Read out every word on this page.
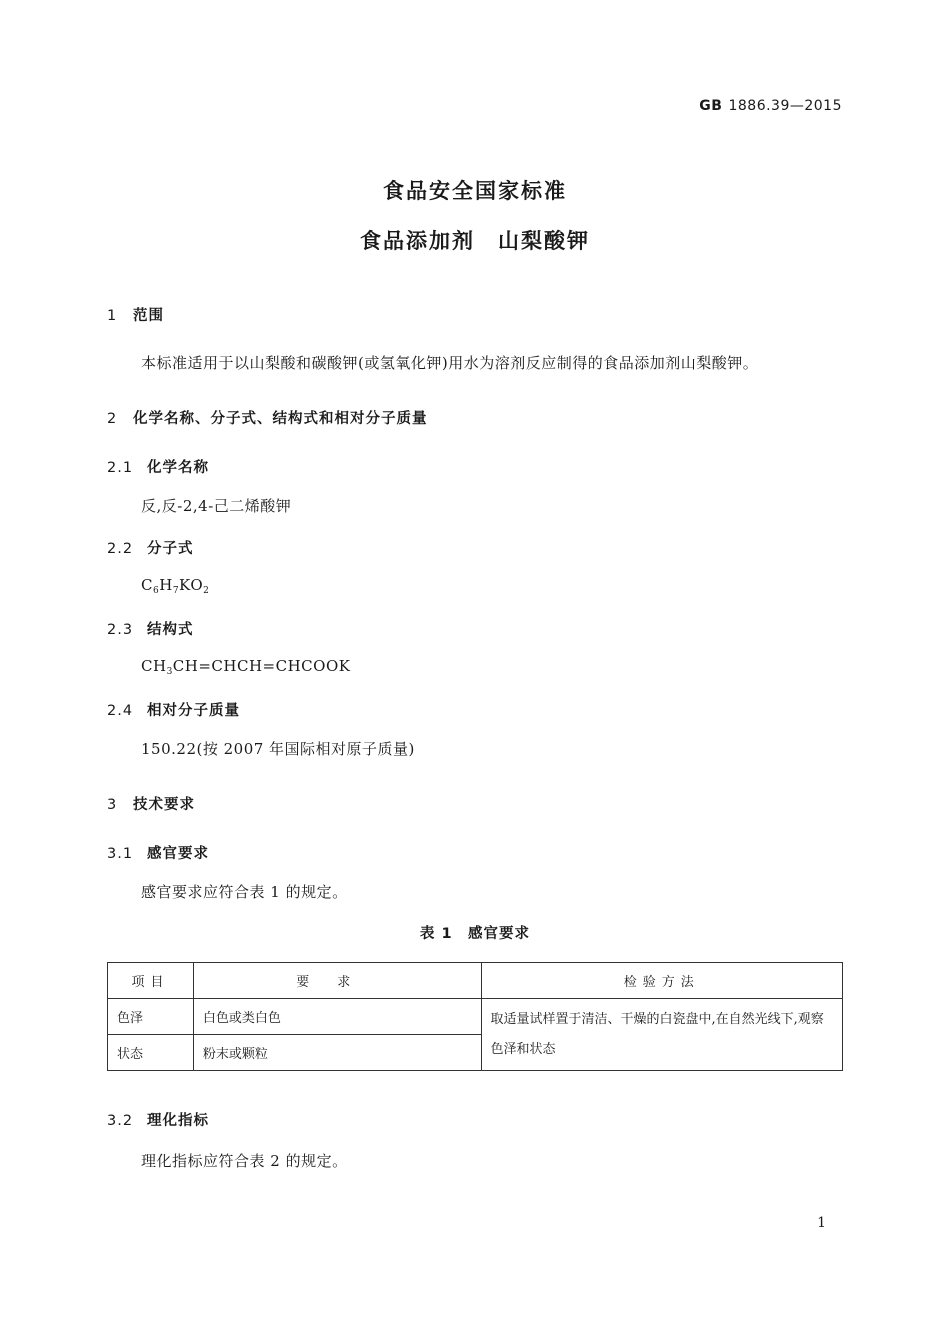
GB 1886.39—2015
食品安全国家标准
食品添加剂　山梨酸钾
1 范围
本标准适用于以山梨酸和碳酸钾(或氢氧化钾)用水为溶剂反应制得的食品添加剂山梨酸钾。
2 化学名称、分子式、结构式和相对分子质量
2.1 化学名称
反,反-2,4-己二烯酸钾
2.2 分子式
$C_6H_7KO_2$
2.3 结构式
$CH_3CH=CHCH=CHCOOK$
2.4 相对分子质量
150.22(按 2007 年国际相对原子质量)
3 技术要求
3.1 感官要求
感官要求应符合表 1 的规定。
表 1　感官要求
项目	要求	检验方法
色泽	白色或类白色	取适量试样置于清洁、干燥的白瓷盘中,在自然光线下,观察色泽和状态
状态	粉末或颗粒	
3.2 理化指标
理化指标应符合表 2 的规定。
1
